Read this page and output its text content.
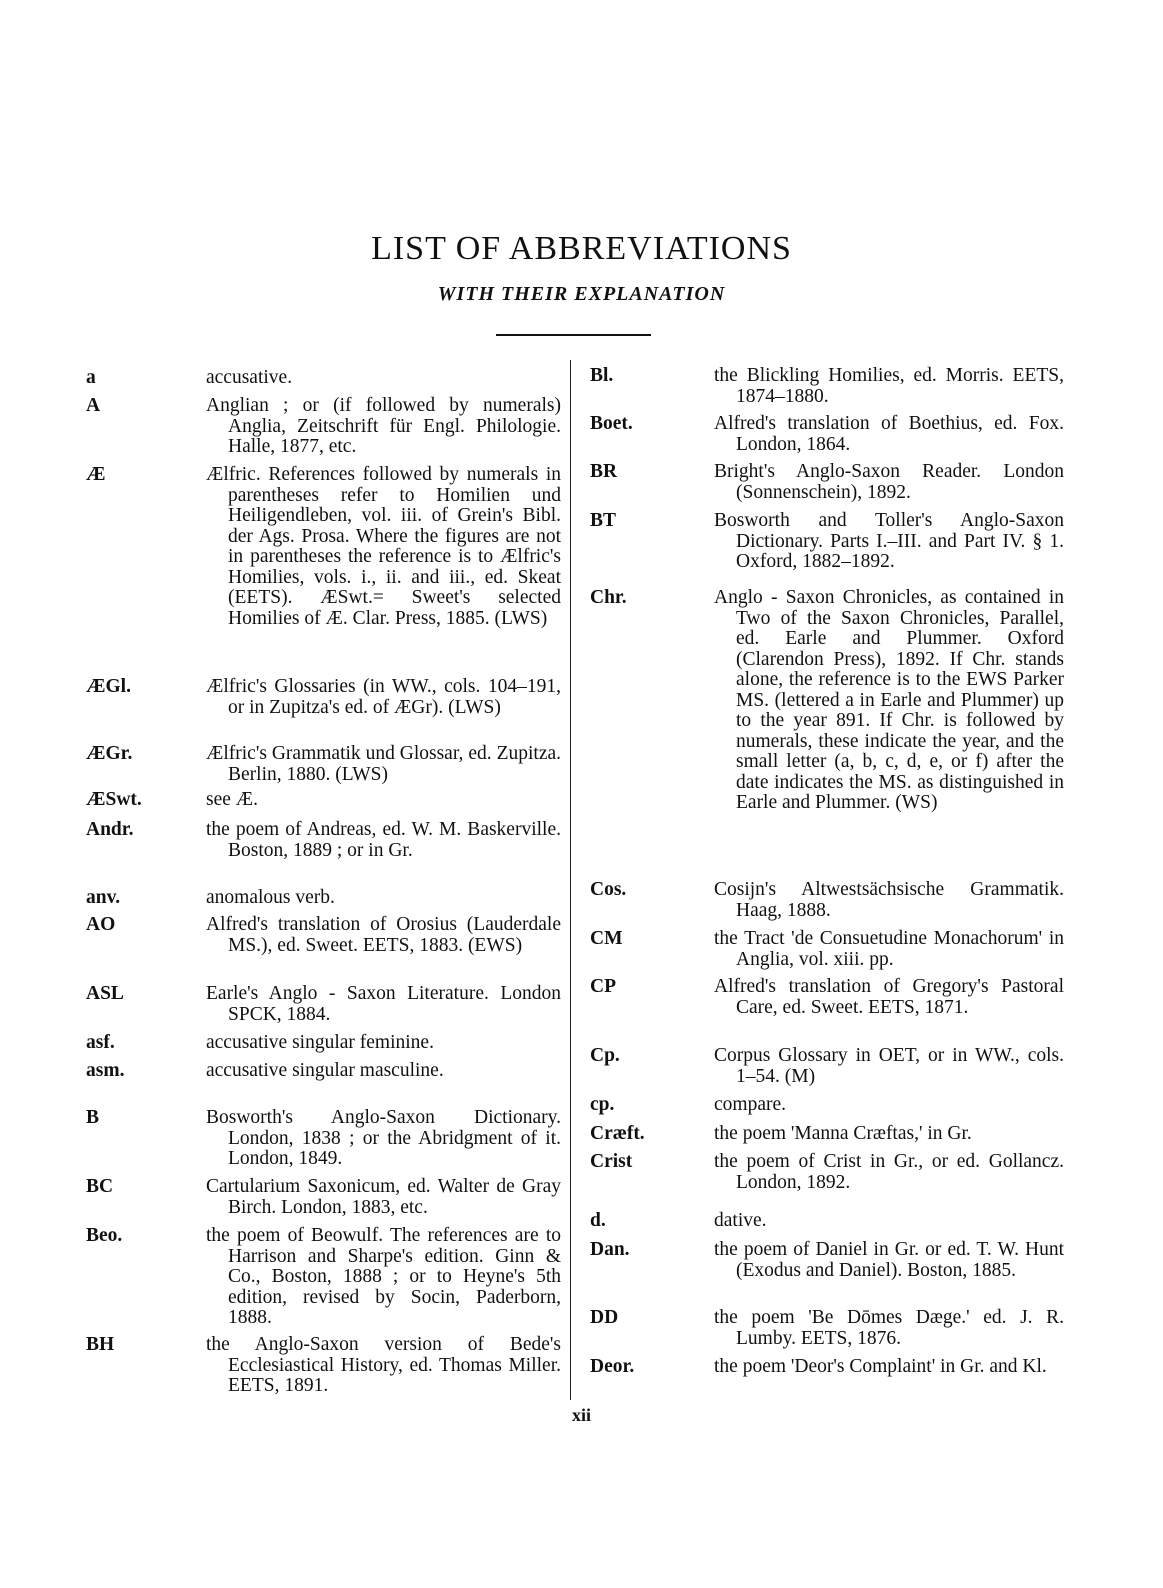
LIST OF ABBREVIATIONS
WITH THEIR EXPLANATION
a	accusative.
A	Anglian ; or (if followed by numerals) Anglia, Zeitschrift für Engl. Philologie. Halle, 1877, etc.
Æ	Ælfric. References followed by numerals in parentheses refer to Homilien und Heiligendleben, vol. iii. of Grein's Bibl. der Ags. Prosa. Where the figures are not in parentheses the reference is to Ælfric's Homilies, vols. i., ii. and iii., ed. Skeat (EETS). ÆSwt.= Sweet's selected Homilies of Æ. Clar. Press, 1885. (LWS)
ÆGl.	Ælfric's Glossaries (in WW., cols. 104–191, or in Zupitza's ed. of ÆGr). (LWS)
ÆGr.	Ælfric's Grammatik und Glossar, ed. Zupitza. Berlin, 1880. (LWS)
ÆSwt.	see Æ.
Andr.	the poem of Andreas, ed. W. M. Baskerville. Boston, 1889 ; or in Gr.
anv.	anomalous verb.
AO	Alfred's translation of Orosius (Lauderdale MS.), ed. Sweet. EETS, 1883. (EWS)
ASL	Earle's Anglo - Saxon Literature. London SPCK, 1884.
asf.	accusative singular feminine.
asm.	accusative singular masculine.
B	Bosworth's Anglo-Saxon Dictionary. London, 1838 ; or the Abridgment of it. London, 1849.
BC	Cartularium Saxonicum, ed. Walter de Gray Birch. London, 1883, etc.
Beo.	the poem of Beowulf. The references are to Harrison and Sharpe's edition. Ginn & Co., Boston, 1888 ; or to Heyne's 5th edition, revised by Socin, Paderborn, 1888.
BH	the Anglo-Saxon version of Bede's Ecclesiastical History, ed. Thomas Miller. EETS, 1891.
Bl.	the Blickling Homilies, ed. Morris. EETS, 1874–1880.
Boet.	Alfred's translation of Boethius, ed. Fox. London, 1864.
BR	Bright's Anglo-Saxon Reader. London (Sonnenschein), 1892.
BT	Bosworth and Toller's Anglo-Saxon Dictionary. Parts I.–III. and Part IV. § 1. Oxford, 1882–1892.
Chr.	Anglo - Saxon Chronicles, as contained in Two of the Saxon Chronicles, Parallel, ed. Earle and Plummer. Oxford (Clarendon Press), 1892. If Chr. stands alone, the reference is to the EWS Parker MS. (lettered a in Earle and Plummer) up to the year 891. If Chr. is followed by numerals, these indicate the year, and the small letter (a, b, c, d, e, or f) after the date indicates the MS. as distinguished in Earle and Plummer. (WS)
Cos.	Cosijn's Altwestsächsische Grammatik. Haag, 1888.
CM	the Tract 'de Consuetudine Monachorum' in Anglia, vol. xiii. pp.
CP	Alfred's translation of Gregory's Pastoral Care, ed. Sweet. EETS, 1871.
Cp.	Corpus Glossary in OET, or in WW., cols. 1–54. (M)
cp.	compare.
Cræft.	the poem 'Manna Cræftas,' in Gr.
Crist	the poem of Crist in Gr., or ed. Gollancz. London, 1892.
d.	dative.
Dan.	the poem of Daniel in Gr. or ed. T. W. Hunt (Exodus and Daniel). Boston, 1885.
DD	the poem 'Be Dōmes Dæge.' ed. J. R. Lumby. EETS, 1876.
Deor.	the poem 'Deor's Complaint' in Gr. and Kl.
xii
